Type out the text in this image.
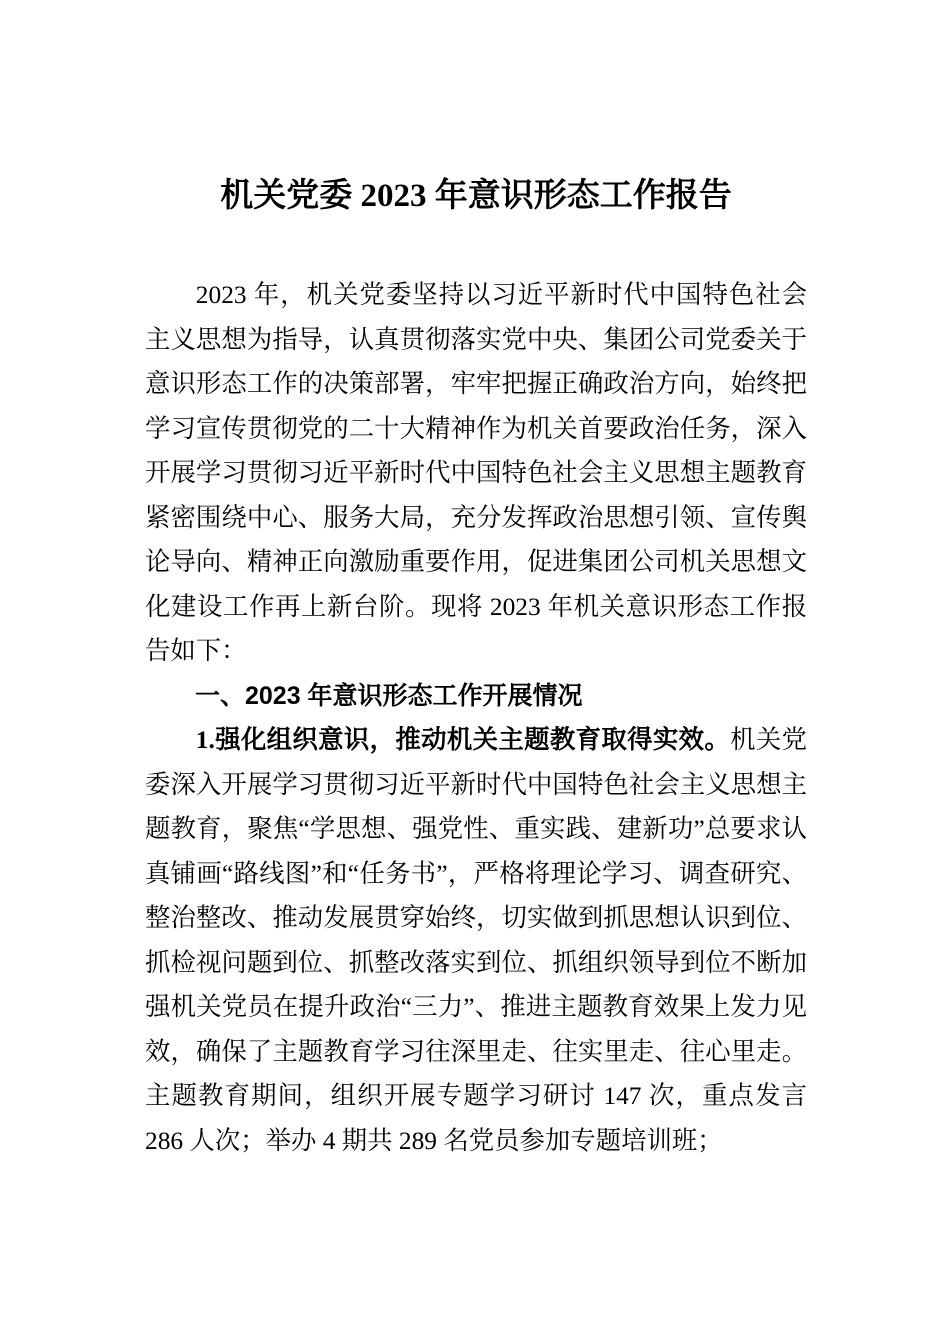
机关党委 2023 年意识形态工作报告

2023 年，机关党委坚持以习近平新时代中国特色社会主义思想为指导，认真贯彻落实党中央、集团公司党委关于意识形态工作的决策部署，牢牢把握正确政治方向，始终把学习宣传贯彻党的二十大精神作为机关首要政治任务，深入开展学习贯彻习近平新时代中国特色社会主义思想主题教育紧密围绕中心、服务大局，充分发挥政治思想引领、宣传舆论导向、精神正向激励重要作用，促进集团公司机关思想文化建设工作再上新台阶。现将 2023 年机关意识形态工作报告如下：

一、2023 年意识形态工作开展情况

1.强化组织意识，推动机关主题教育取得实效。机关党委深入开展学习贯彻习近平新时代中国特色社会主义思想主题教育，聚焦“学思想、强党性、重实践、建新功”总要求认真铺画“路线图”和“任务书”，严格将理论学习、调查研究、整治整改、推动发展贯穿始终，切实做到抓思想认识到位、抓检视问题到位、抓整改落实到位、抓组织领导到位不断加强机关党员在提升政治“三力”、推进主题教育效果上发力见效，确保了主题教育学习往深里走、往实里走、往心里走。主题教育期间，组织开展专题学习研讨 147 次，重点发言 286 人次；举办 4 期共 289 名党员参加专题培训班；
